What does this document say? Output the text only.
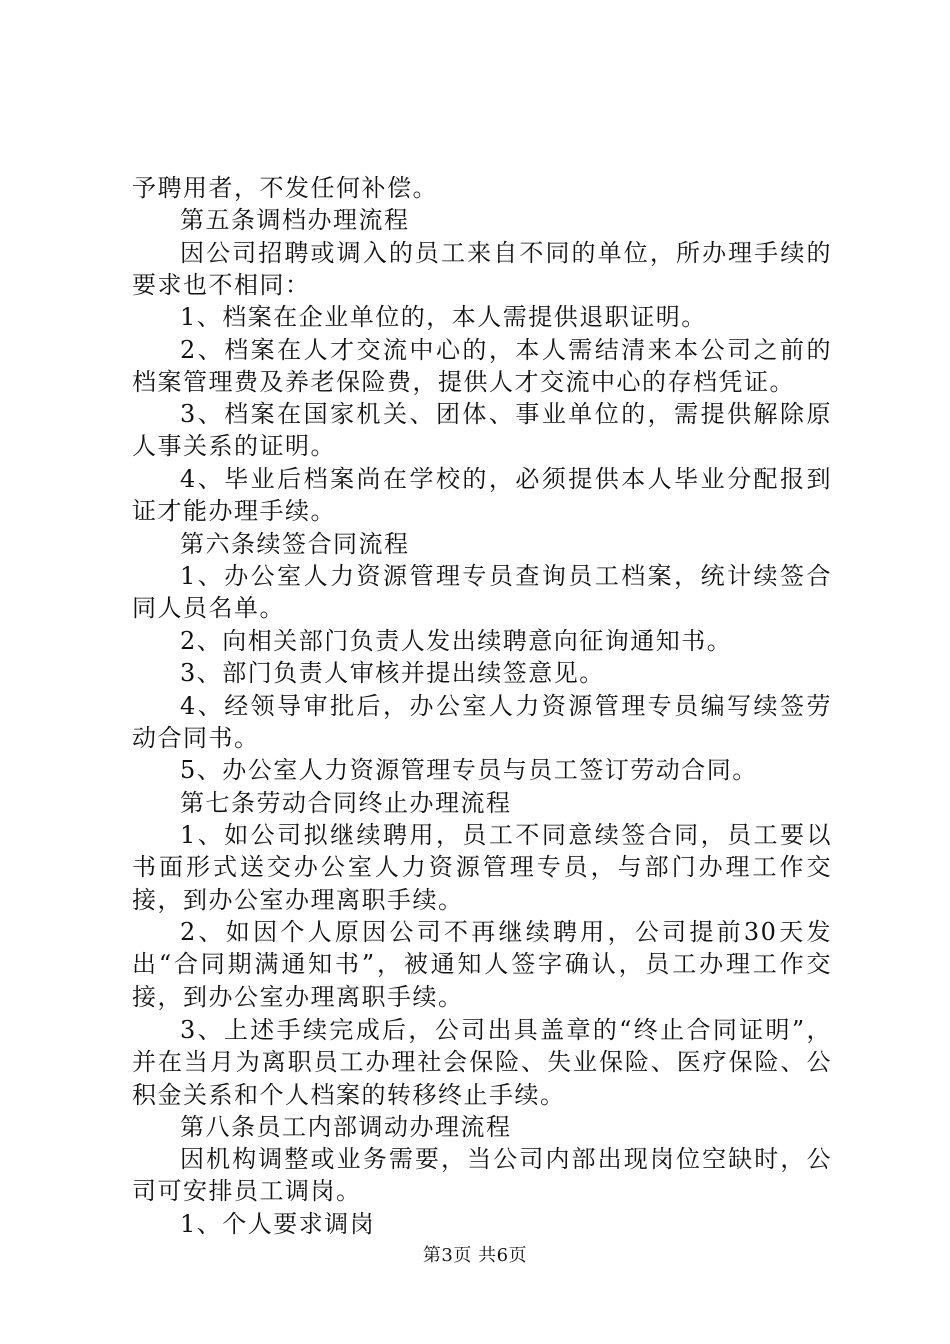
予聘用者，不发任何补偿。

第五条调档办理流程

因公司招聘或调入的员工来自不同的单位，所办理手续的要求也不相同：

1、档案在企业单位的，本人需提供退职证明。

2、档案在人才交流中心的，本人需结清来本公司之前的档案管理费及养老保险费，提供人才交流中心的存档凭证。

3、档案在国家机关、团体、事业单位的，需提供解除原人事关系的证明。

4、毕业后档案尚在学校的，必须提供本人毕业分配报到证才能办理手续。

第六条续签合同流程

1、办公室人力资源管理专员查询员工档案，统计续签合同人员名单。

2、向相关部门负责人发出续聘意向征询通知书。

3、部门负责人审核并提出续签意见。

4、经领导审批后，办公室人力资源管理专员编写续签劳动合同书。

5、办公室人力资源管理专员与员工签订劳动合同。

第七条劳动合同终止办理流程

1、如公司拟继续聘用，员工不同意续签合同，员工要以书面形式送交办公室人力资源管理专员，与部门办理工作交接，到办公室办理离职手续。

2、如因个人原因公司不再继续聘用，公司提前30天发出“合同期满通知书”，被通知人签字确认，员工办理工作交接，到办公室办理离职手续。

3、上述手续完成后，公司出具盖章的“终止合同证明”，并在当月为离职员工办理社会保险、失业保险、医疗保险、公积金关系和个人档案的转移终止手续。

第八条员工内部调动办理流程

因机构调整或业务需要，当公司内部出现岗位空缺时，公司可安排员工调岗。

1、个人要求调岗

第3页 共6页
